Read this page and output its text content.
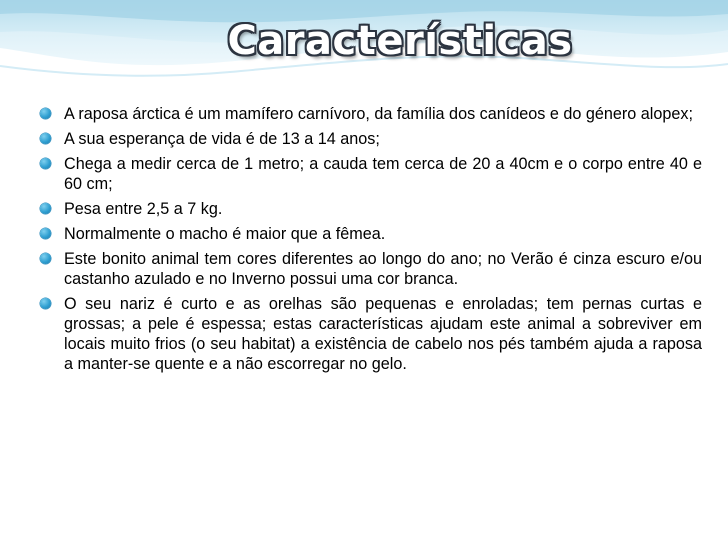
Características
A raposa árctica é um mamífero carnívoro, da família dos canídeos e do género alopex;
A sua esperança de vida é de 13 a 14 anos;
Chega a medir cerca de 1 metro; a cauda tem cerca de 20 a 40cm e o corpo entre 40 e 60 cm;
Pesa entre 2,5 a 7 kg.
Normalmente o macho é maior que a fêmea.
Este bonito animal tem cores diferentes ao longo do ano; no Verão é cinza escuro e/ou castanho azulado e no Inverno possui uma cor branca.
O seu nariz é curto e as orelhas são pequenas e enroladas; tem pernas curtas e grossas; a pele é espessa; estas características ajudam este animal a sobreviver em locais muito frios (o seu habitat) a existência de cabelo nos pés também ajuda a raposa a manter-se quente e a não escorregar no gelo.
